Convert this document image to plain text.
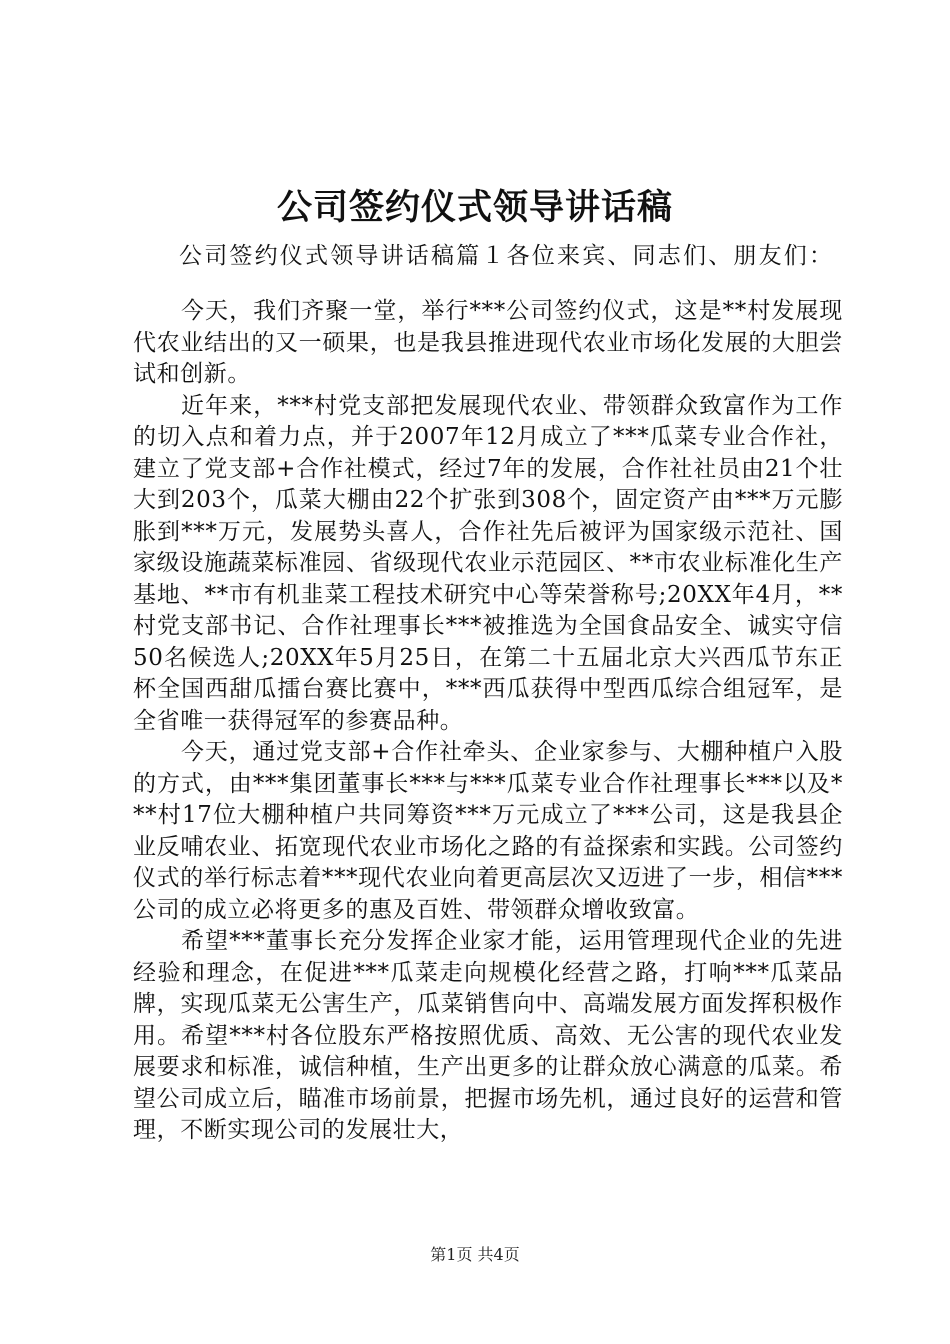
公司签约仪式领导讲话稿

公司签约仪式领导讲话稿篇１各位来宾、同志们、朋友们：

今天，我们齐聚一堂，举行***公司签约仪式，这是**村发展现代农业结出的又一硕果，也是我县推进现代农业市场化发展的大胆尝试和创新。

近年来，***村党支部把发展现代农业、带领群众致富作为工作的切入点和着力点，并于2007年12月成立了***瓜菜专业合作社，建立了党支部+合作社模式，经过7年的发展，合作社社员由21个壮大到203个，瓜菜大棚由22个扩张到308个，固定资产由***万元膨胀到***万元，发展势头喜人，合作社先后被评为国家级示范社、国家级设施蔬菜标准园、省级现代农业示范园区、**市农业标准化生产基地、**市有机韭菜工程技术研究中心等荣誉称号;20XX年4月，**村党支部书记、合作社理事长***被推选为全国食品安全、诚实守信50名候选人;20XX年5月25日，在第二十五届北京大兴西瓜节东正杯全国西甜瓜擂台赛比赛中，***西瓜获得中型西瓜综合组冠军，是全省唯一获得冠军的参赛品种。

今天，通过党支部+合作社牵头、企业家参与、大棚种植户入股的方式，由***集团董事长***与***瓜菜专业合作社理事长***以及***村17位大棚种植户共同筹资***万元成立了***公司，这是我县企业反哺农业、拓宽现代农业市场化之路的有益探索和实践。公司签约仪式的举行标志着***现代农业向着更高层次又迈进了一步，相信***公司的成立必将更多的惠及百姓、带领群众增收致富。

希望***董事长充分发挥企业家才能，运用管理现代企业的先进经验和理念，在促进***瓜菜走向规模化经营之路，打响***瓜菜品牌，实现瓜菜无公害生产，瓜菜销售向中、高端发展方面发挥积极作用。希望***村各位股东严格按照优质、高效、无公害的现代农业发展要求和标准，诚信种植，生产出更多的让群众放心满意的瓜菜。希望公司成立后，瞄准市场前景，把握市场先机，通过良好的运营和管理，不断实现公司的发展壮大，

第1页 共4页
